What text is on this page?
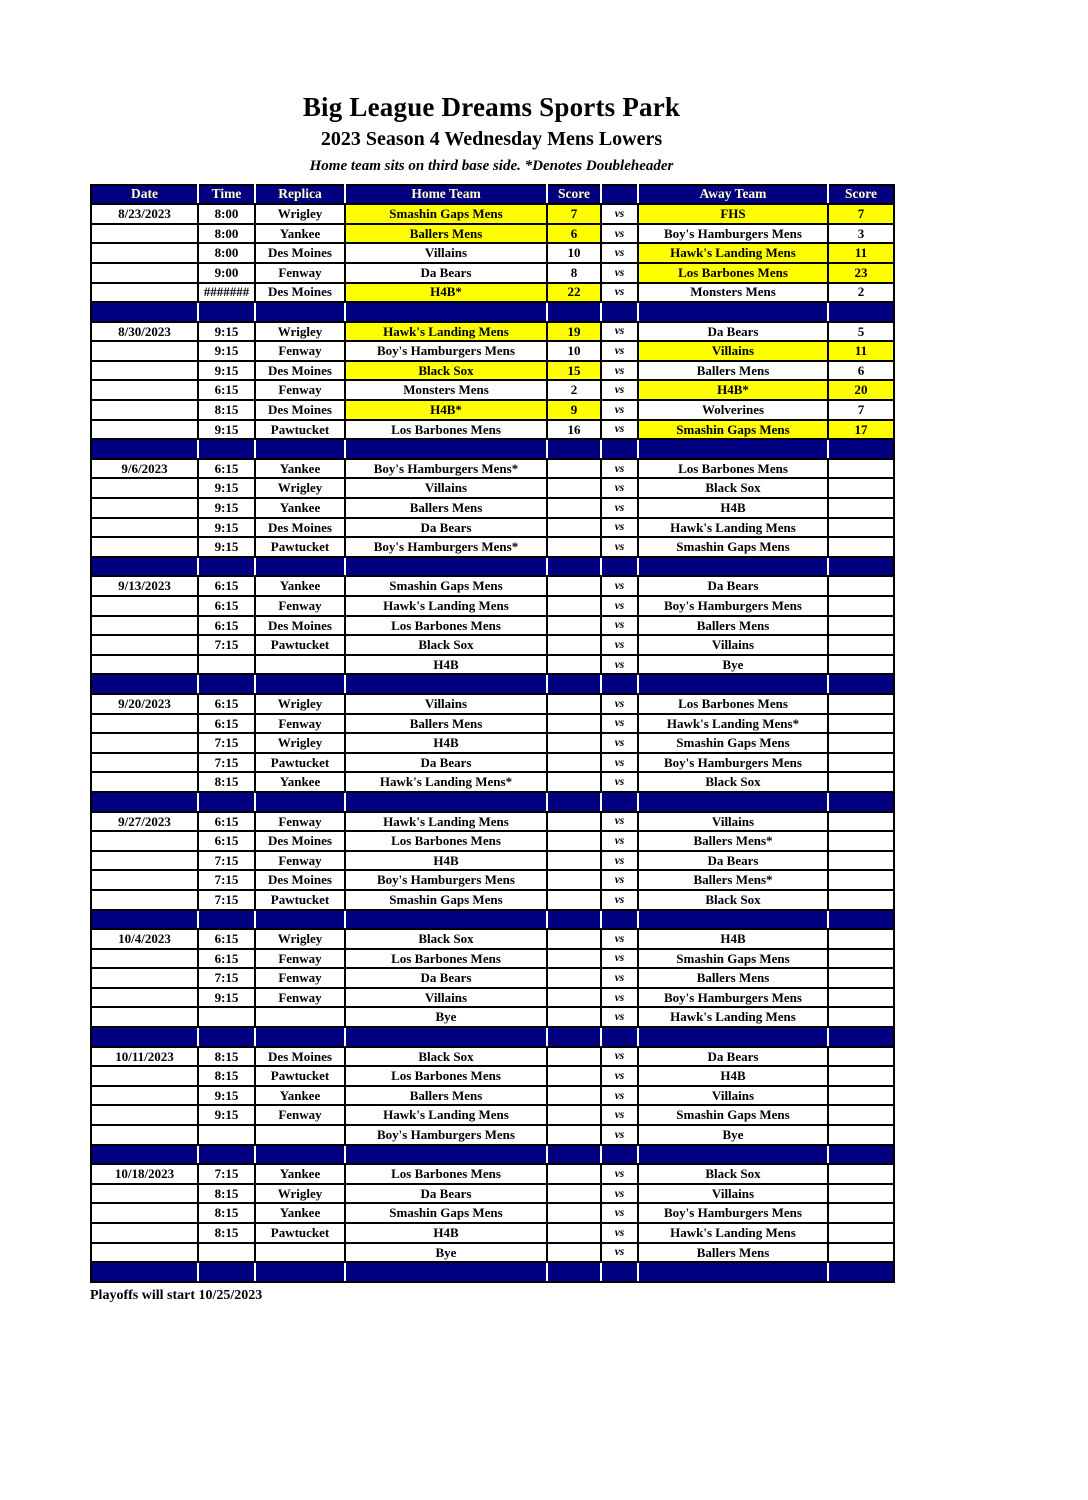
Big League Dreams Sports Park
2023 Season 4 Wednesday Mens Lowers
Home team sits on third base side. *Denotes Doubleheader
Date	Time	Replica	Home Team	Score		Away Team	Score
8/23/2023	8:00	Wrigley	Smashin Gaps Mens	7	vs	FHS	7
	8:00	Yankee	Ballers Mens	6	vs	Boy's Hamburgers Mens	3
	8:00	Des Moines	Villains	10	vs	Hawk's Landing Mens	11
	9:00	Fenway	Da Bears	8	vs	Los Barbones Mens	23
	#######	Des Moines	H4B*	22	vs	Monsters Mens	2

8/30/2023	9:15	Wrigley	Hawk's Landing Mens	19	vs	Da Bears	5
	9:15	Fenway	Boy's Hamburgers Mens	10	vs	Villains	11
	9:15	Des Moines	Black Sox	15	vs	Ballers Mens	6
	6:15	Fenway	Monsters Mens	2	vs	H4B*	20
	8:15	Des Moines	H4B*	9	vs	Wolverines	7
	9:15	Pawtucket	Los Barbones Mens	16	vs	Smashin Gaps Mens	17

9/6/2023	6:15	Yankee	Boy's Hamburgers Mens*		vs	Los Barbones Mens	
	9:15	Wrigley	Villains		vs	Black Sox	
	9:15	Yankee	Ballers Mens		vs	H4B	
	9:15	Des Moines	Da Bears		vs	Hawk's Landing Mens	
	9:15	Pawtucket	Boy's Hamburgers Mens*		vs	Smashin Gaps Mens	

9/13/2023	6:15	Yankee	Smashin Gaps Mens		vs	Da Bears	
	6:15	Fenway	Hawk's Landing Mens		vs	Boy's Hamburgers Mens	
	6:15	Des Moines	Los Barbones Mens		vs	Ballers Mens	
	7:15	Pawtucket	Black Sox		vs	Villains	
			H4B		vs	Bye	

9/20/2023	6:15	Wrigley	Villains		vs	Los Barbones Mens	
	6:15	Fenway	Ballers Mens		vs	Hawk's Landing Mens*	
	7:15	Wrigley	H4B		vs	Smashin Gaps Mens	
	7:15	Pawtucket	Da Bears		vs	Boy's Hamburgers Mens	
	8:15	Yankee	Hawk's Landing Mens*		vs	Black Sox	

9/27/2023	6:15	Fenway	Hawk's Landing Mens		vs	Villains	
	6:15	Des Moines	Los Barbones Mens		vs	Ballers Mens*	
	7:15	Fenway	H4B		vs	Da Bears	
	7:15	Des Moines	Boy's Hamburgers Mens		vs	Ballers Mens*	
	7:15	Pawtucket	Smashin Gaps Mens		vs	Black Sox	

10/4/2023	6:15	Wrigley	Black Sox		vs	H4B	
	6:15	Fenway	Los Barbones Mens		vs	Smashin Gaps Mens	
	7:15	Fenway	Da Bears		vs	Ballers Mens	
	9:15	Fenway	Villains		vs	Boy's Hamburgers Mens	
			Bye		vs	Hawk's Landing Mens	

10/11/2023	8:15	Des Moines	Black Sox		vs	Da Bears	
	8:15	Pawtucket	Los Barbones Mens		vs	H4B	
	9:15	Yankee	Ballers Mens		vs	Villains	
	9:15	Fenway	Hawk's Landing Mens		vs	Smashin Gaps Mens	
			Boy's Hamburgers Mens		vs	Bye	

10/18/2023	7:15	Yankee	Los Barbones Mens		vs	Black Sox	
	8:15	Wrigley	Da Bears		vs	Villains	
	8:15	Yankee	Smashin Gaps Mens		vs	Boy's Hamburgers Mens	
	8:15	Pawtucket	H4B		vs	Hawk's Landing Mens	
			Bye		vs	Ballers Mens	

Playoffs will start 10/25/2023
